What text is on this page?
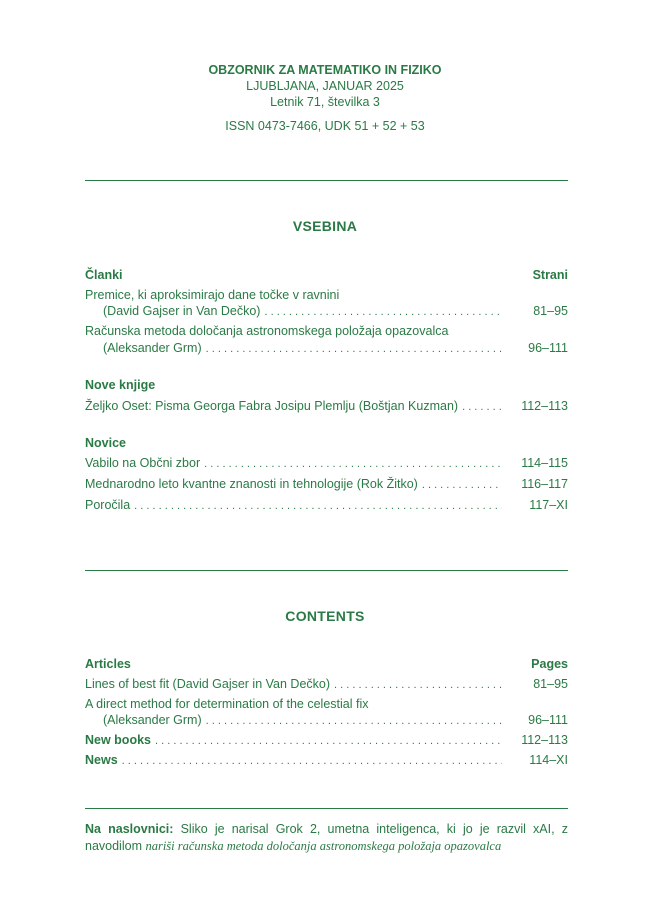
OBZORNIK ZA MATEMATIKO IN FIZIKO
LJUBLJANA, JANUAR 2025
Letnik 71, številka 3
ISSN 0473-7466, UDK 51 + 52 + 53
VSEBINA
Članki	Strani
Premice, ki aproksimirajo dane točke v ravnini
(David Gajser in Van Dečko) . . .	81–95
Računska metoda določanja astronomskega položaja opazovalca
(Aleksander Grm) . . .	96–111
Nove knjige
Željko Oset: Pisma Georga Fabra Josipu Plemlju (Boštjan Kuzman) . . .	112–113
Novice
Vabilo na Občni zbor . . .	114–115
Mednarodno leto kvantne znanosti in tehnologije (Rok Žitko) . . .	116–117
Poročila . . .	117–XI
CONTENTS
Articles	Pages
Lines of best fit (David Gajser in Van Dečko) . . .	81–95
A direct method for determination of the celestial fix
(Aleksander Grm) . . .	96–111
New books . . .	112–113
News . . .	114–XI
Na naslovnici: Sliko je narisal Grok 2, umetna inteligenca, ki jo je razvil xAI, z navodilom nariši računska metoda določanja astronomskega položaja opazovalca
